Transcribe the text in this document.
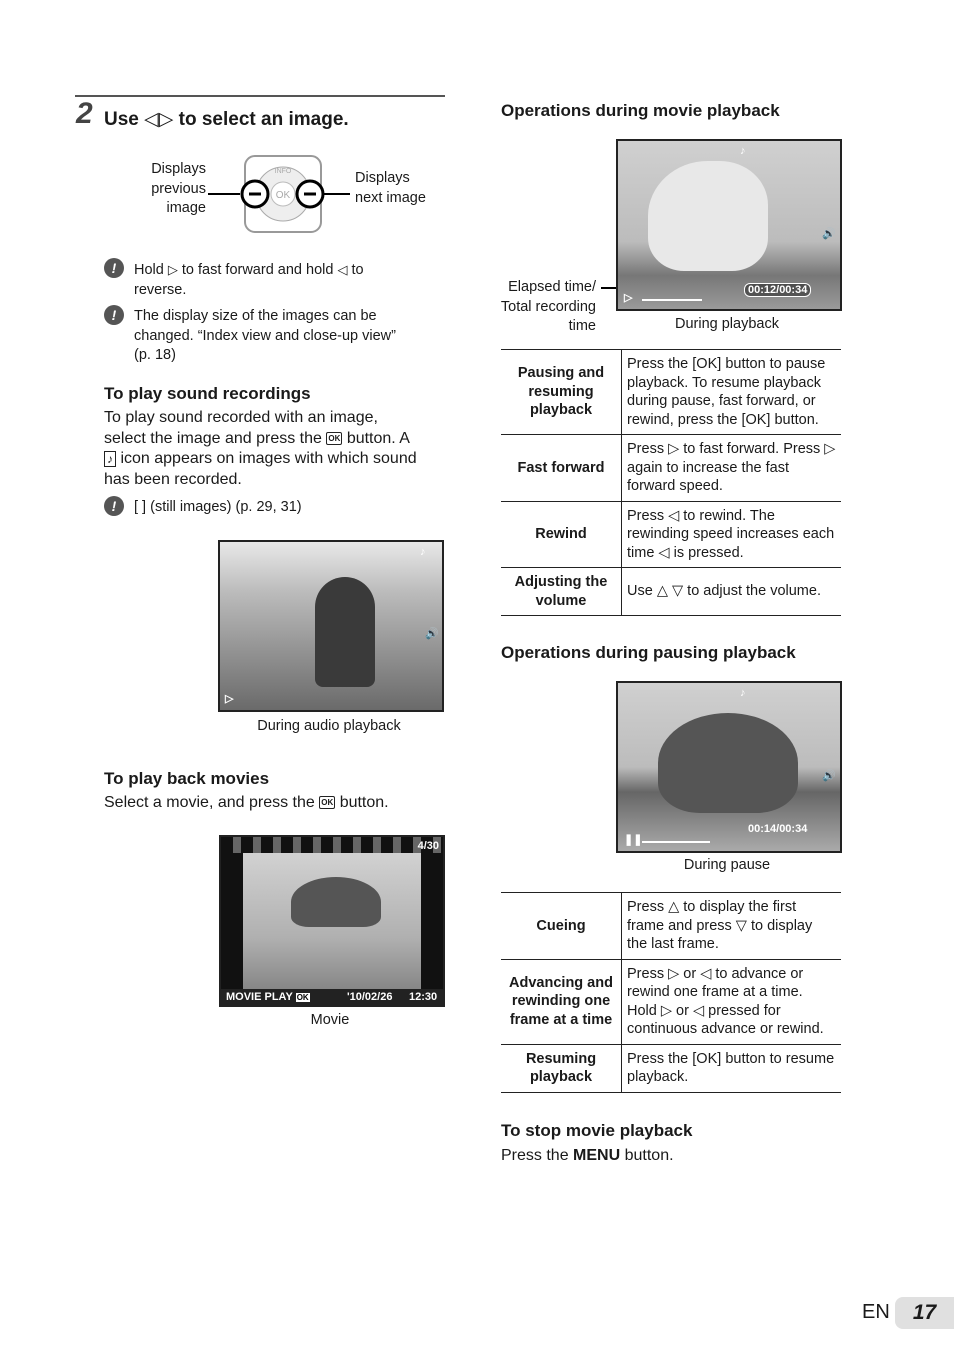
2 Use ◁▷ to select an image.
Displays
previous
image
Displays
next image
INFO
OK
!	Hold ▷ to fast forward and hold ◁ to
reverse.
!	The display size of the images can be
changed. “Index view and close-up view”
(p. 18)
To play sound recordings
To play sound recorded with an image,
select the image and press the OK button. A
♪ icon appears on images with which sound
has been recorded.
!	[ ] (still images) (p. 29, 31)
♪
🔊
▷
During audio playback
To play back movies
Select a movie, and press the OK button.
4/30
MOVIE PLAY OK	'10/02/26 12:30
Movie
Operations during movie playback
Elapsed time/
Total recording
time
♪
🔊
00:12/00:34
▷
During playback
Pausing and resuming playback	Press the [OK] button to pause playback. To resume playback during pause, fast forward, or rewind, press the [OK] button.
Fast forward	Press ▷ to fast forward. Press ▷ again to increase the fast forward speed.
Rewind	Press ◁ to rewind. The rewinding speed increases each time ◁ is pressed.
Adjusting the volume	Use △ ▽ to adjust the volume.
Operations during pausing playback
♪
🔊
00:14/00:34
❚❚
During pause
Cueing	Press △ to display the first frame and press ▽ to display the last frame.
Advancing and rewinding one frame at a time	Press ▷ or ◁ to advance or rewind one frame at a time. Hold ▷ or ◁ pressed for continuous advance or rewind.
Resuming playback	Press the [OK] button to resume playback.
To stop movie playback
Press the MENU button.
EN	17
